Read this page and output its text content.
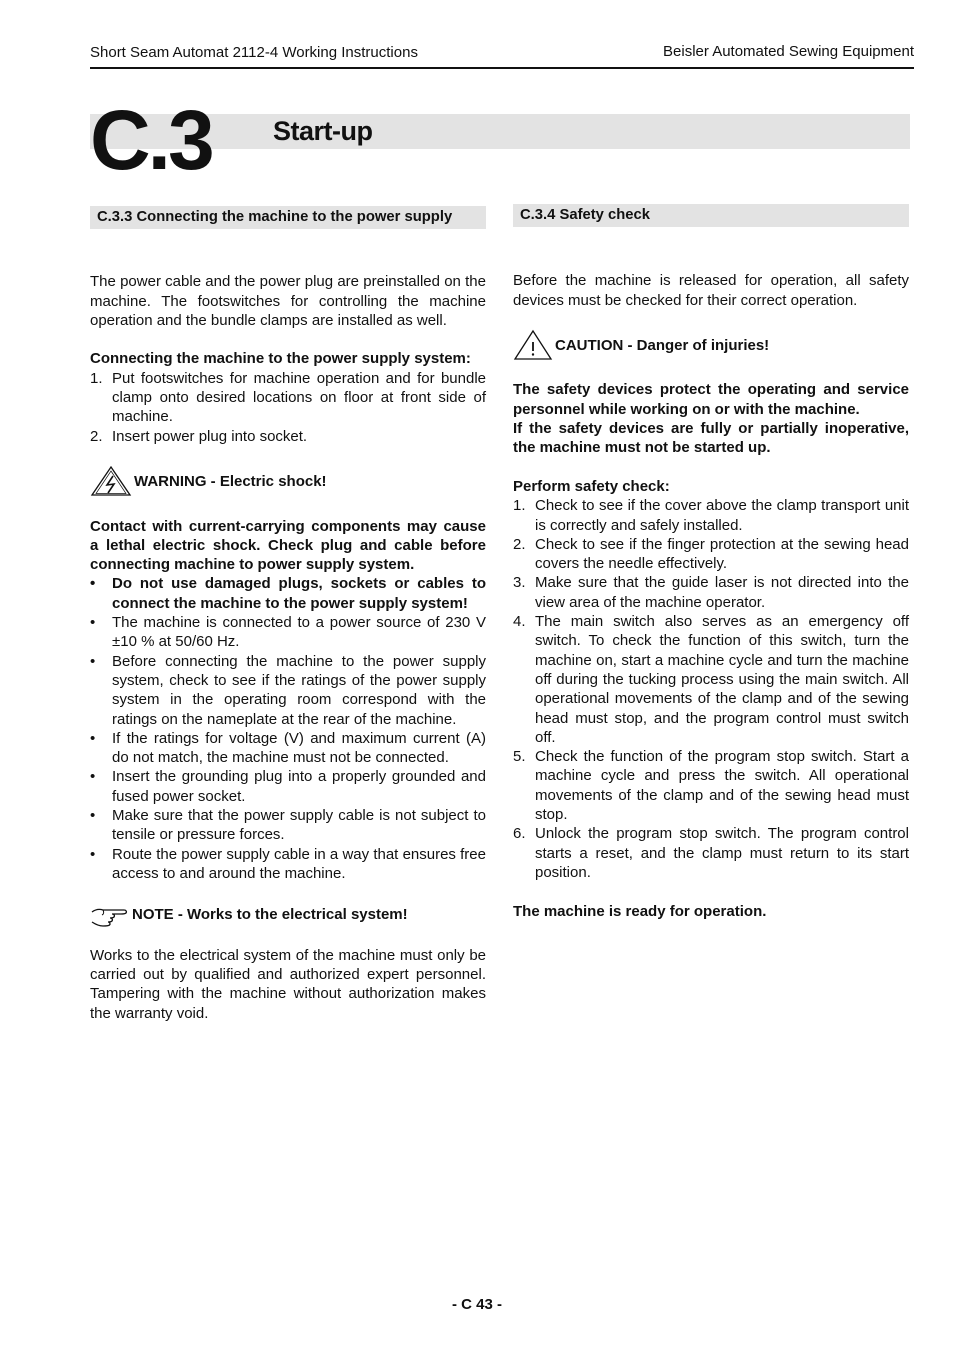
Short Seam Automat 2112-4 Working Instructions	Beisler Automated Sewing Equipment
C.3 Start-up
C.3.3 Connecting the machine to the power supply

The power cable and the power plug are preinstalled on the machine. The footswitches for controlling the machine operation and the bundle clamps are installed as well.

Connecting the machine to the power supply system:
1. Put footswitches for machine operation and for bundle clamp onto desired locations on floor at front side of machine.
2. Insert power plug into socket.
WARNING - Electric shock!

Contact with current-carrying components may cause a lethal electric shock. Check plug and cable before connecting machine to power supply system.

• Do not use damaged plugs, sockets or cables to connect the machine to the power supply system!
• The machine is connected to a power source of 230 V ±10 % at 50/60 Hz.
• Before connecting the machine to the power supply system, check to see if the ratings of the power supply system in the operating room correspond with the ratings on the nameplate at the rear of the machine.
• If the ratings for voltage (V) and maximum current (A) do not match, the machine must not be connected.
• Insert the grounding plug into a properly grounded and fused power socket.
• Make sure that the power supply cable is not subject to tensile or pressure forces.
• Route the power supply cable in a way that ensures free access to and around the machine.
NOTE - Works to the electrical system!

Works to the electrical system of the machine must only be carried out by qualified and authorized expert personnel. Tampering with the machine without authorization makes the warranty void.

C.3.4 Safety check

Before the machine is released for operation, all safety devices must be checked for their correct operation.

CAUTION - Danger of injuries!

The safety devices protect the operating and service personnel while working on or with the machine.

If the safety devices are fully or partially inoperative, the machine must not be started up.

Perform safety check:
1. Check to see if the cover above the clamp transport unit is correctly and safely installed.
2. Check to see if the finger protection at the sewing head covers the needle effectively.
3. Make sure that the guide laser is not directed into the view area of the machine operator.
4. The main switch also serves as an emergency off switch. To check the function of this switch, turn the machine on, start a machine cycle and turn the machine off during the tucking process using the main switch. All operational movements of the clamp and of the sewing head must stop, and the program control must switch off.
5. Check the function of the program stop switch. Start a machine cycle and press the switch. All operational movements of the clamp and of the sewing head must stop.
6. Unlock the program stop switch. The program control starts a reset, and the clamp must return to its start position.

The machine is ready for operation.

- C 43 -
